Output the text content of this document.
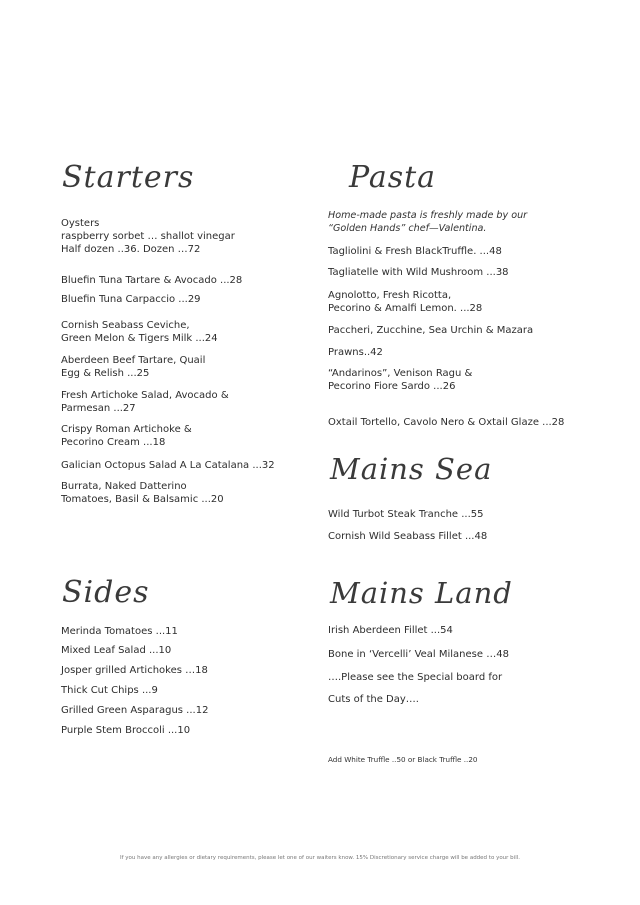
Starters
Oysters
raspberry sorbet … shallot vinegar
Half dozen ..36. Dozen …72
Bluefin Tuna Tartare & Avocado ...28
Bluefin Tuna Carpaccio ...29
Cornish Seabass Ceviche,
Green Melon & Tigers Milk ...24
Aberdeen Beef Tartare, Quail
Egg & Relish ...25
Fresh Artichoke Salad, Avocado &
Parmesan ...27
Crispy Roman Artichoke &
Pecorino Cream ...18
Galician Octopus Salad A La Catalana ...32
Burrata, Naked Datterino
Tomatoes, Basil & Balsamic ...20
Pasta
Home-made pasta is freshly made by our
“Golden Hands” chef—Valentina.
Tagliolini & Fresh BlackTruffle. ...48
Tagliatelle with Wild Mushroom ...38
Agnolotto, Fresh Ricotta,
Pecorino & Amalfi Lemon. ...28
Paccheri, Zucchine, Sea Urchin & Mazara
Prawns..42
“Andarinos”, Venison Ragu &
Pecorino Fiore Sardo ...26
Oxtail Tortello, Cavolo Nero & Oxtail Glaze ...28
Mains Sea
Wild Turbot Steak Tranche ...55
Cornish Wild Seabass Fillet ...48
Sides
Merinda Tomatoes ...11
Mixed Leaf Salad ...10
Josper grilled Artichokes …18
Thick Cut Chips ...9
Grilled Green Asparagus ...12
Purple Stem Broccoli ...10
Mains Land
Irish Aberdeen Fillet ...54
Bone in ‘Vercelli’ Veal Milanese …48
….Please see the Special board for
Cuts of the Day….
Add White Truffle ..50 or Black Truffle ..20
If you have any allergies or dietary requirements, please let one of our waiters know. 15% Discretionary service charge will be added to your bill.
